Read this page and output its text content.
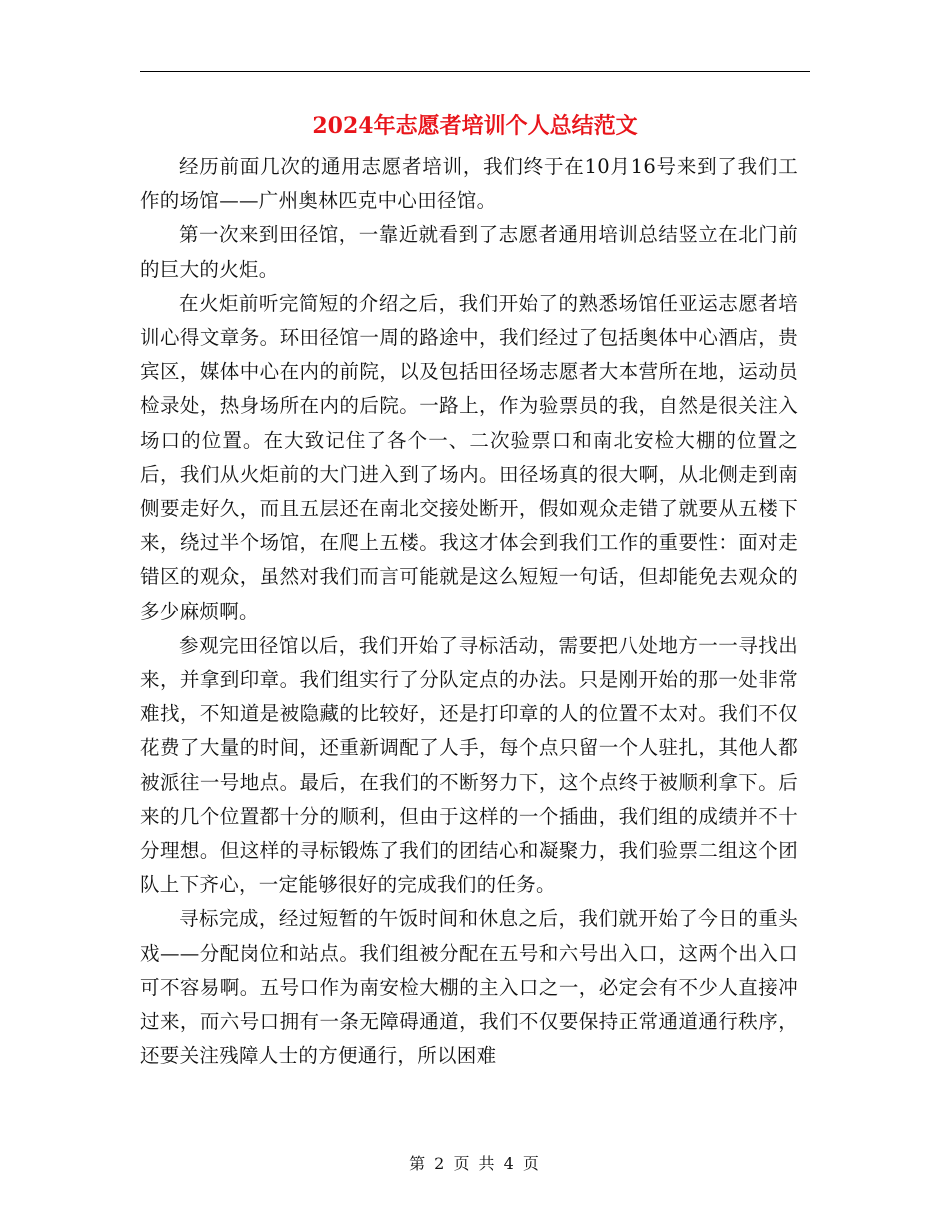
2024年志愿者培训个人总结范文

经历前面几次的通用志愿者培训，我们终于在10月16号来到了我们工作的场馆——广州奥林匹克中心田径馆。

第一次来到田径馆，一靠近就看到了志愿者通用培训总结竖立在北门前的巨大的火炬。

在火炬前听完简短的介绍之后，我们开始了的熟悉场馆任亚运志愿者培训心得文章务。环田径馆一周的路途中，我们经过了包括奥体中心酒店，贵宾区，媒体中心在内的前院，以及包括田径场志愿者大本营所在地，运动员检录处，热身场所在内的后院。一路上，作为验票员的我，自然是很关注入场口的位置。在大致记住了各个一、二次验票口和南北安检大棚的位置之后，我们从火炬前的大门进入到了场内。田径场真的很大啊，从北侧走到南侧要走好久，而且五层还在南北交接处断开，假如观众走错了就要从五楼下来，绕过半个场馆，在爬上五楼。我这才体会到我们工作的重要性：面对走错区的观众，虽然对我们而言可能就是这么短短一句话，但却能免去观众的多少麻烦啊。

参观完田径馆以后，我们开始了寻标活动，需要把八处地方一一寻找出来，并拿到印章。我们组实行了分队定点的办法。只是刚开始的那一处非常难找，不知道是被隐藏的比较好，还是打印章的人的位置不太对。我们不仅花费了大量的时间，还重新调配了人手，每个点只留一个人驻扎，其他人都被派往一号地点。最后，在我们的不断努力下，这个点终于被顺利拿下。后来的几个位置都十分的顺利，但由于这样的一个插曲，我们组的成绩并不十分理想。但这样的寻标锻炼了我们的团结心和凝聚力，我们验票二组这个团队上下齐心，一定能够很好的完成我们的任务。

寻标完成，经过短暂的午饭时间和休息之后，我们就开始了今日的重头戏——分配岗位和站点。我们组被分配在五号和六号出入口，这两个出入口可不容易啊。五号口作为南安检大棚的主入口之一，必定会有不少人直接冲过来，而六号口拥有一条无障碍通道，我们不仅要保持正常通道通行秩序，还要关注残障人士的方便通行，所以困难

第 2 页 共 4 页
